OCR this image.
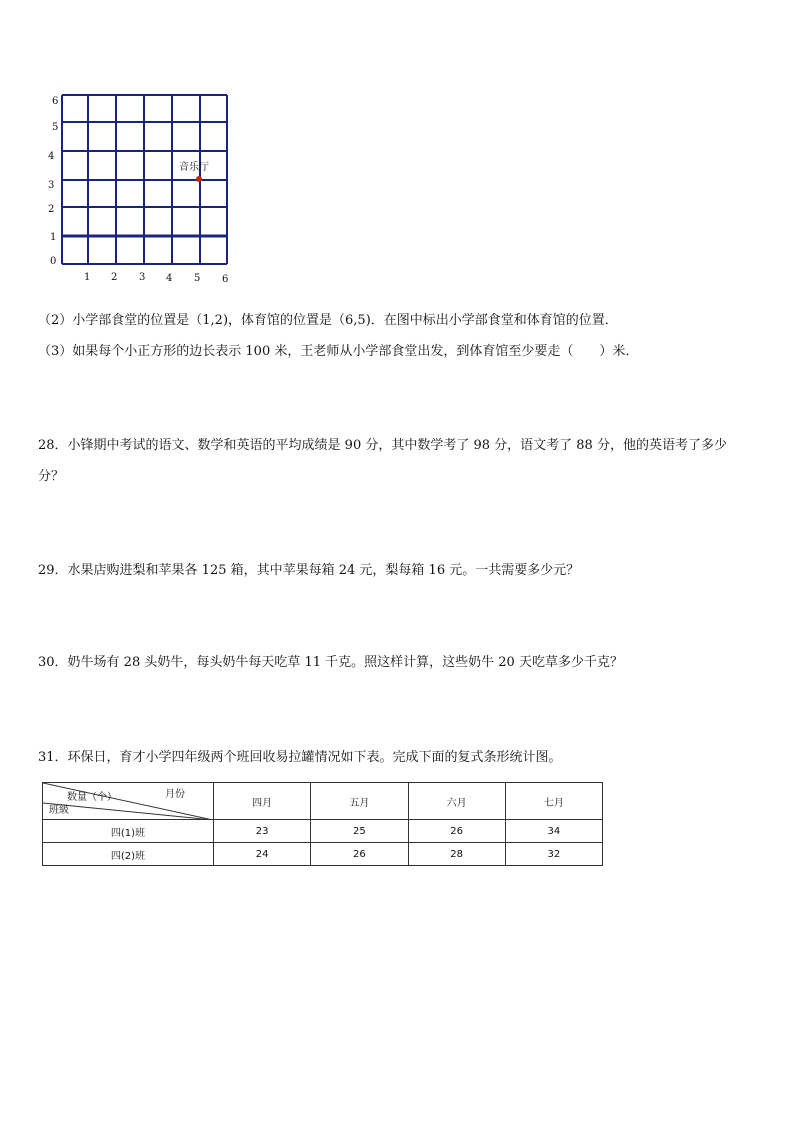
6
5
4
3
2
1
0
1 2 3 4 5 6
音乐厅
（2）小学部食堂的位置是（1,2)，体育馆的位置是（6,5)．在图中标出小学部食堂和体育馆的位置．
（3）如果每个小正方形的边长表示 100 米，王老师从小学部食堂出发，到体育馆至少要走（　　）米．
28．小锋期中考试的语文、数学和英语的平均成绩是 90 分，其中数学考了 98 分，语文考了 88 分，他的英语考了多少
分？
29．水果店购进梨和苹果各 125 箱，其中苹果每箱 24 元，梨每箱 16 元。一共需要多少元？
30．奶牛场有 28 头奶牛，每头奶牛每天吃草 11 千克。照这样计算，这些奶牛 20 天吃草多少千克？
31．环保日，育才小学四年级两个班回收易拉罐情况如下表。完成下面的复式条形统计图。
数量（个） 月份
班級	四月	五月	六月	七月
四(1)班	23	25	26	34
四(2)班	24	26	28	32
